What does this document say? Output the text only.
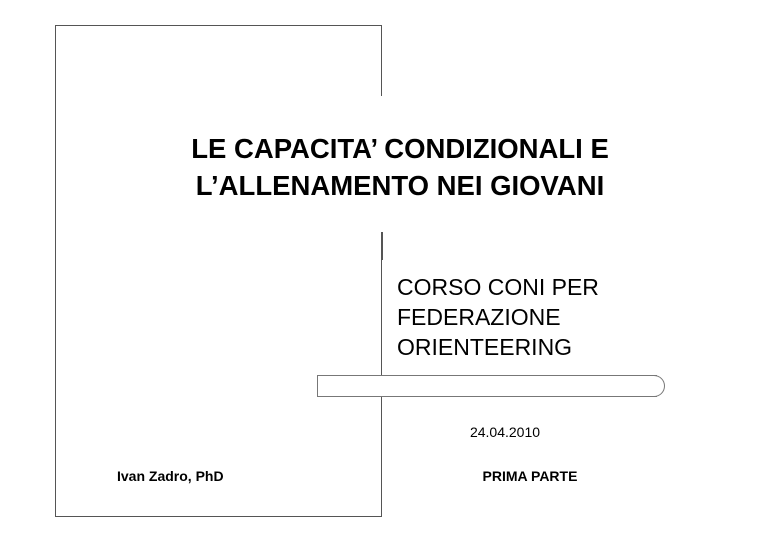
LE CAPACITA’ CONDIZIONALI E
L’ALLENAMENTO NEI GIOVANI
CORSO CONI PER
FEDERAZIONE
ORIENTEERING
24.04.2010
Ivan Zadro, PhD	PRIMA PARTE
